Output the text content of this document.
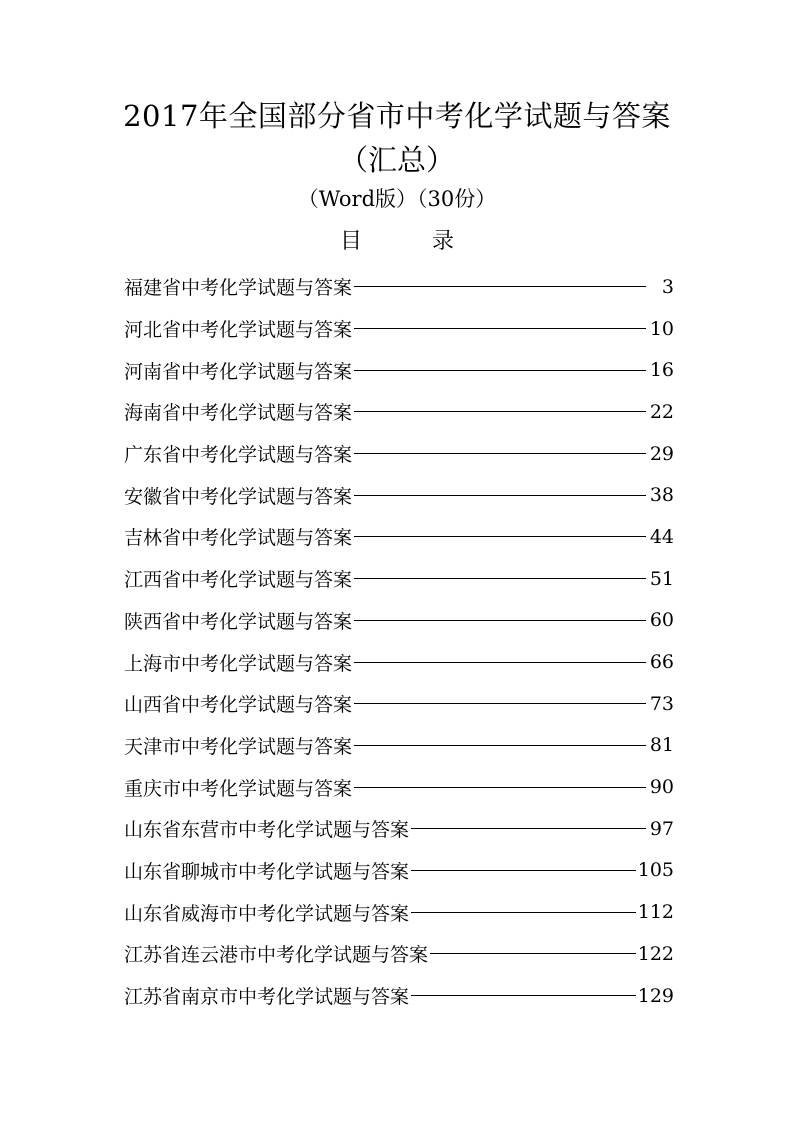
2017年全国部分省市中考化学试题与答案
（汇总）
（Word版）（30份）
目	录
福建省中考化学试题与答案	3
河北省中考化学试题与答案	10
河南省中考化学试题与答案	16
海南省中考化学试题与答案	22
广东省中考化学试题与答案	29
安徽省中考化学试题与答案	38
吉林省中考化学试题与答案	44
江西省中考化学试题与答案	51
陕西省中考化学试题与答案	60
上海市中考化学试题与答案	66
山西省中考化学试题与答案	73
天津市中考化学试题与答案	81
重庆市中考化学试题与答案	90
山东省东营市中考化学试题与答案	97
山东省聊城市中考化学试题与答案	105
山东省威海市中考化学试题与答案	112
江苏省连云港市中考化学试题与答案	122
江苏省南京市中考化学试题与答案	129
